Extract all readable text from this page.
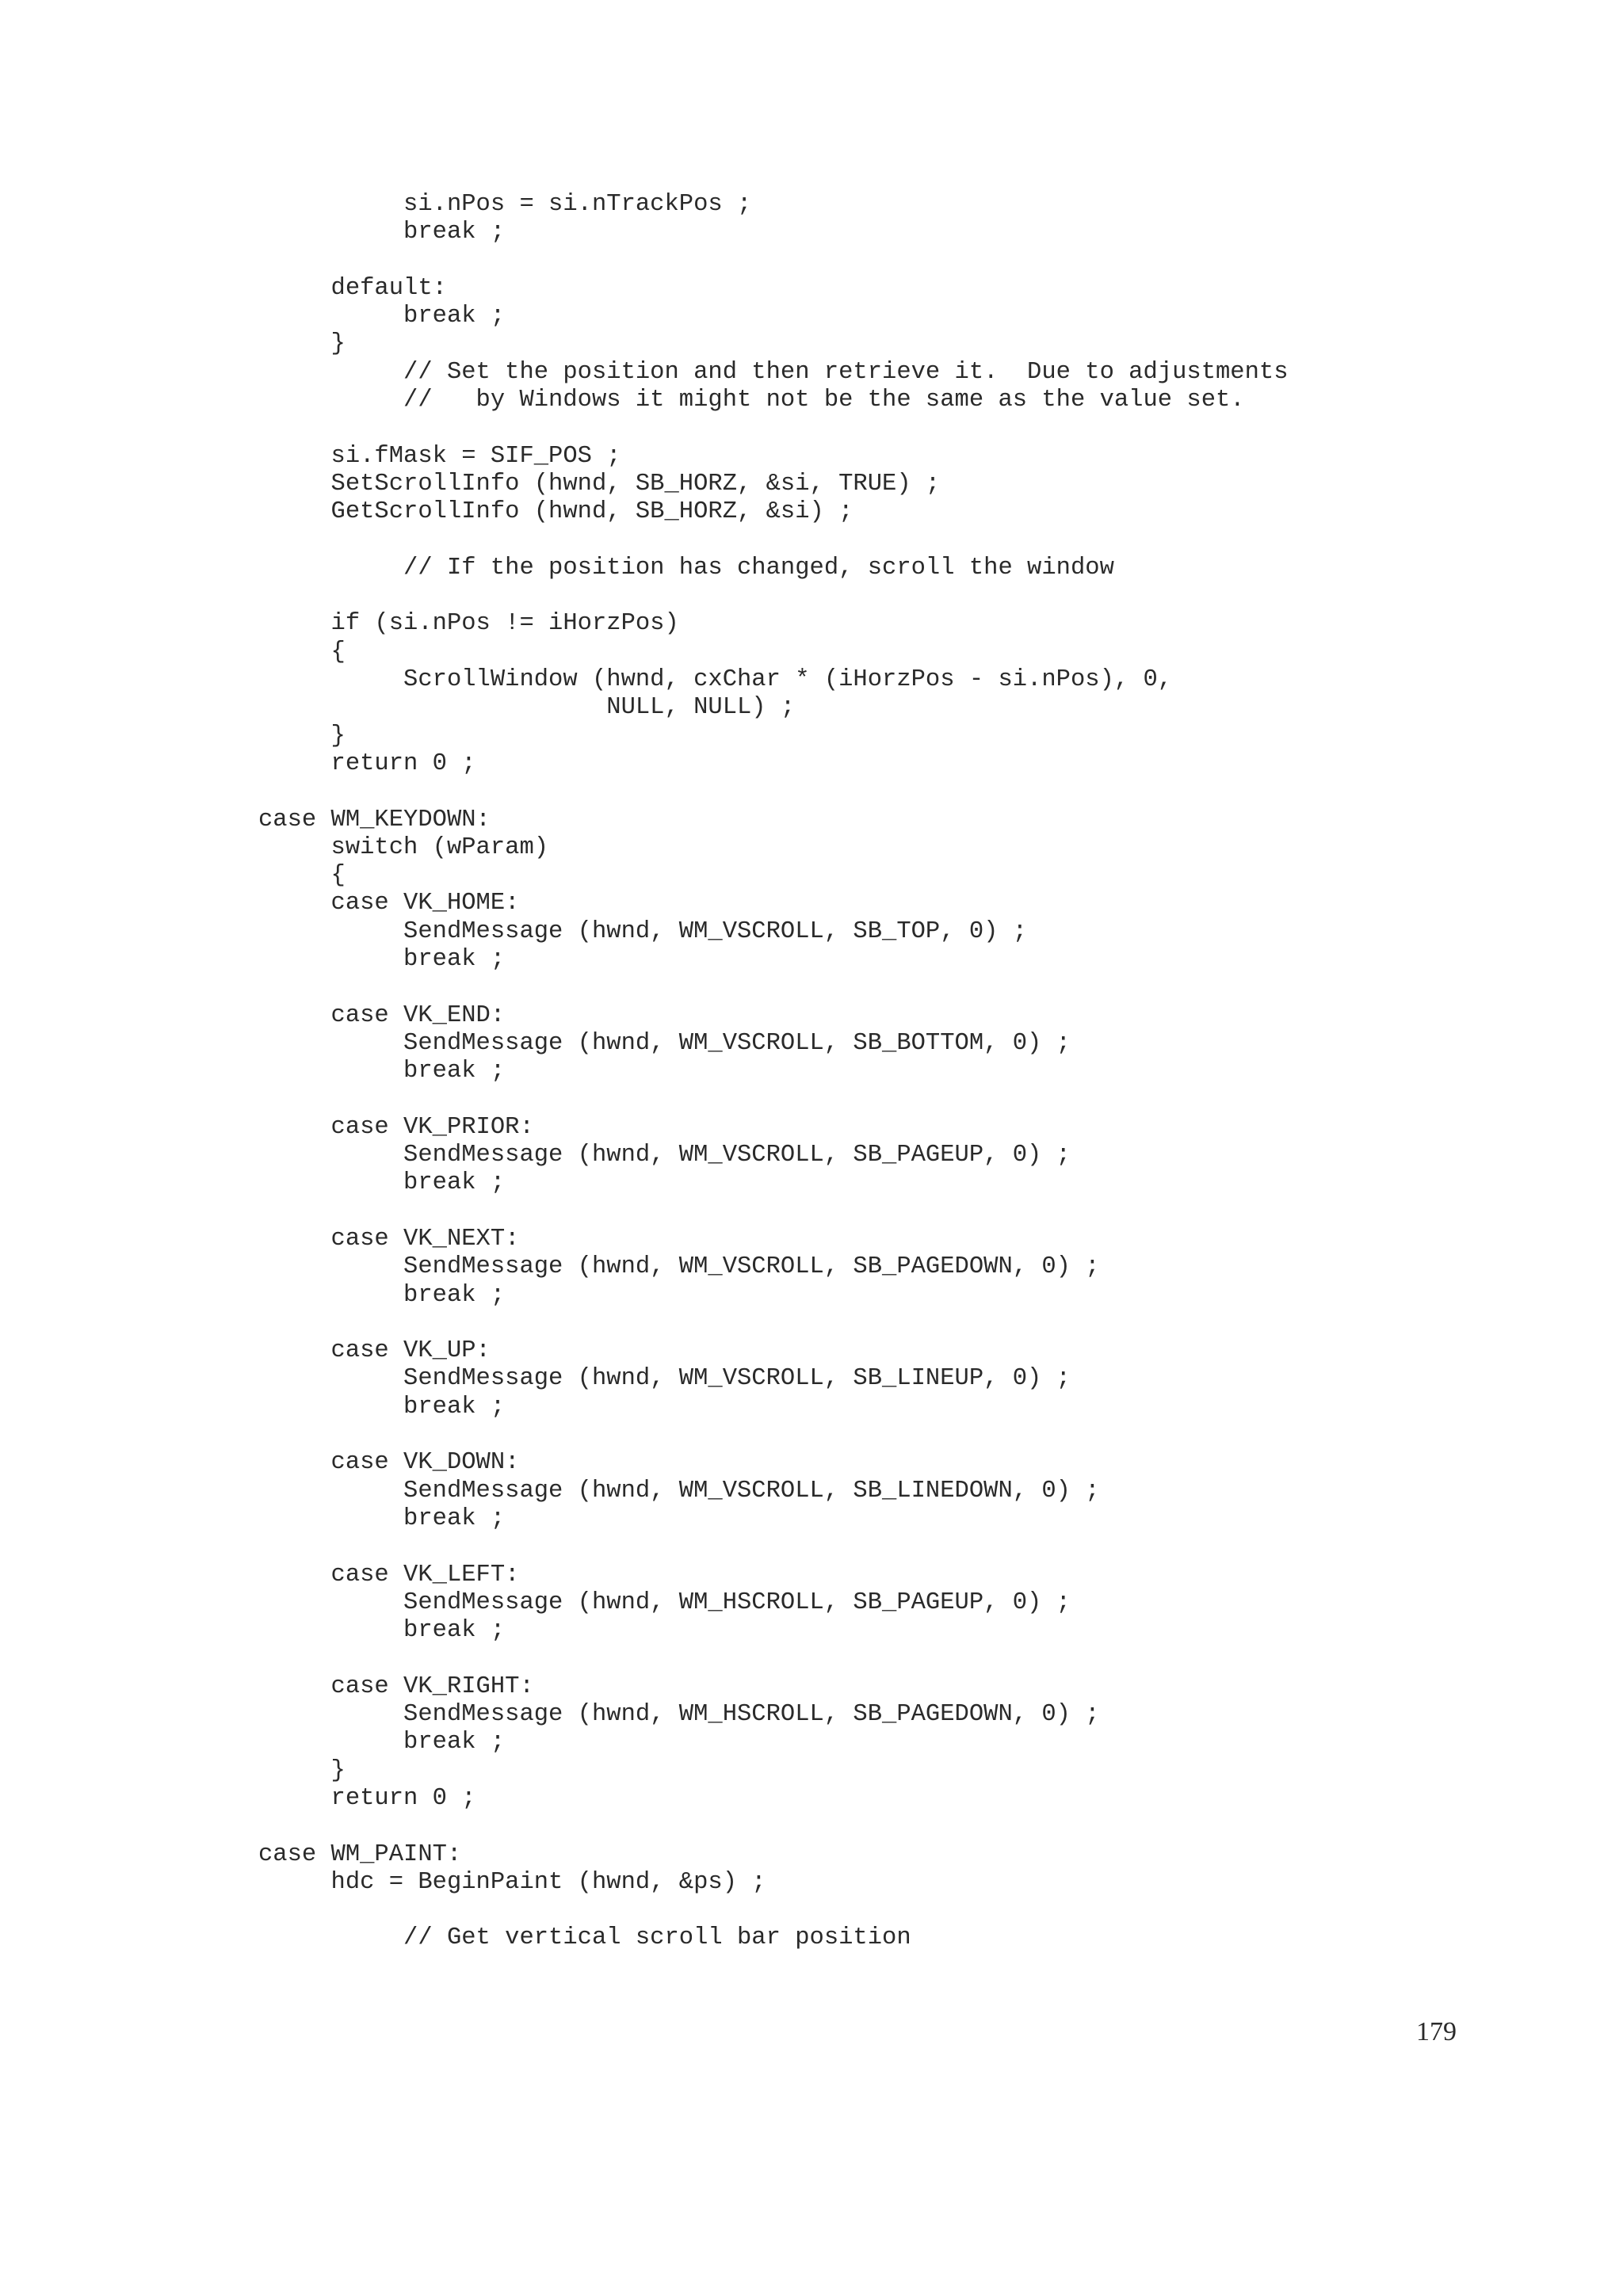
si.nPos = si.nTrackPos ;
break ;
default:
break ;
}
// Set the position and then retrieve it.  Due to adjustments
//   by Windows it might not be the same as the value set.
si.fMask = SIF_POS ;
SetScrollInfo (hwnd, SB_HORZ, &si, TRUE) ;
GetScrollInfo (hwnd, SB_HORZ, &si) ;
// If the position has changed, scroll the window
if (si.nPos != iHorzPos)
{
ScrollWindow (hwnd, cxChar * (iHorzPos - si.nPos), 0,
NULL, NULL) ;
}
return 0 ;
case WM_KEYDOWN:
switch (wParam)
{
case VK_HOME:
SendMessage (hwnd, WM_VSCROLL, SB_TOP, 0) ;
break ;
case VK_END:
SendMessage (hwnd, WM_VSCROLL, SB_BOTTOM, 0) ;
break ;
case VK_PRIOR:
SendMessage (hwnd, WM_VSCROLL, SB_PAGEUP, 0) ;
break ;
case VK_NEXT:
SendMessage (hwnd, WM_VSCROLL, SB_PAGEDOWN, 0) ;
break ;
case VK_UP:
SendMessage (hwnd, WM_VSCROLL, SB_LINEUP, 0) ;
break ;
case VK_DOWN:
SendMessage (hwnd, WM_VSCROLL, SB_LINEDOWN, 0) ;
break ;
case VK_LEFT:
SendMessage (hwnd, WM_HSCROLL, SB_PAGEUP, 0) ;
break ;
case VK_RIGHT:
SendMessage (hwnd, WM_HSCROLL, SB_PAGEDOWN, 0) ;
break ;
}
return 0 ;
case WM_PAINT:
hdc = BeginPaint (hwnd, &ps) ;
// Get vertical scroll bar position
179
